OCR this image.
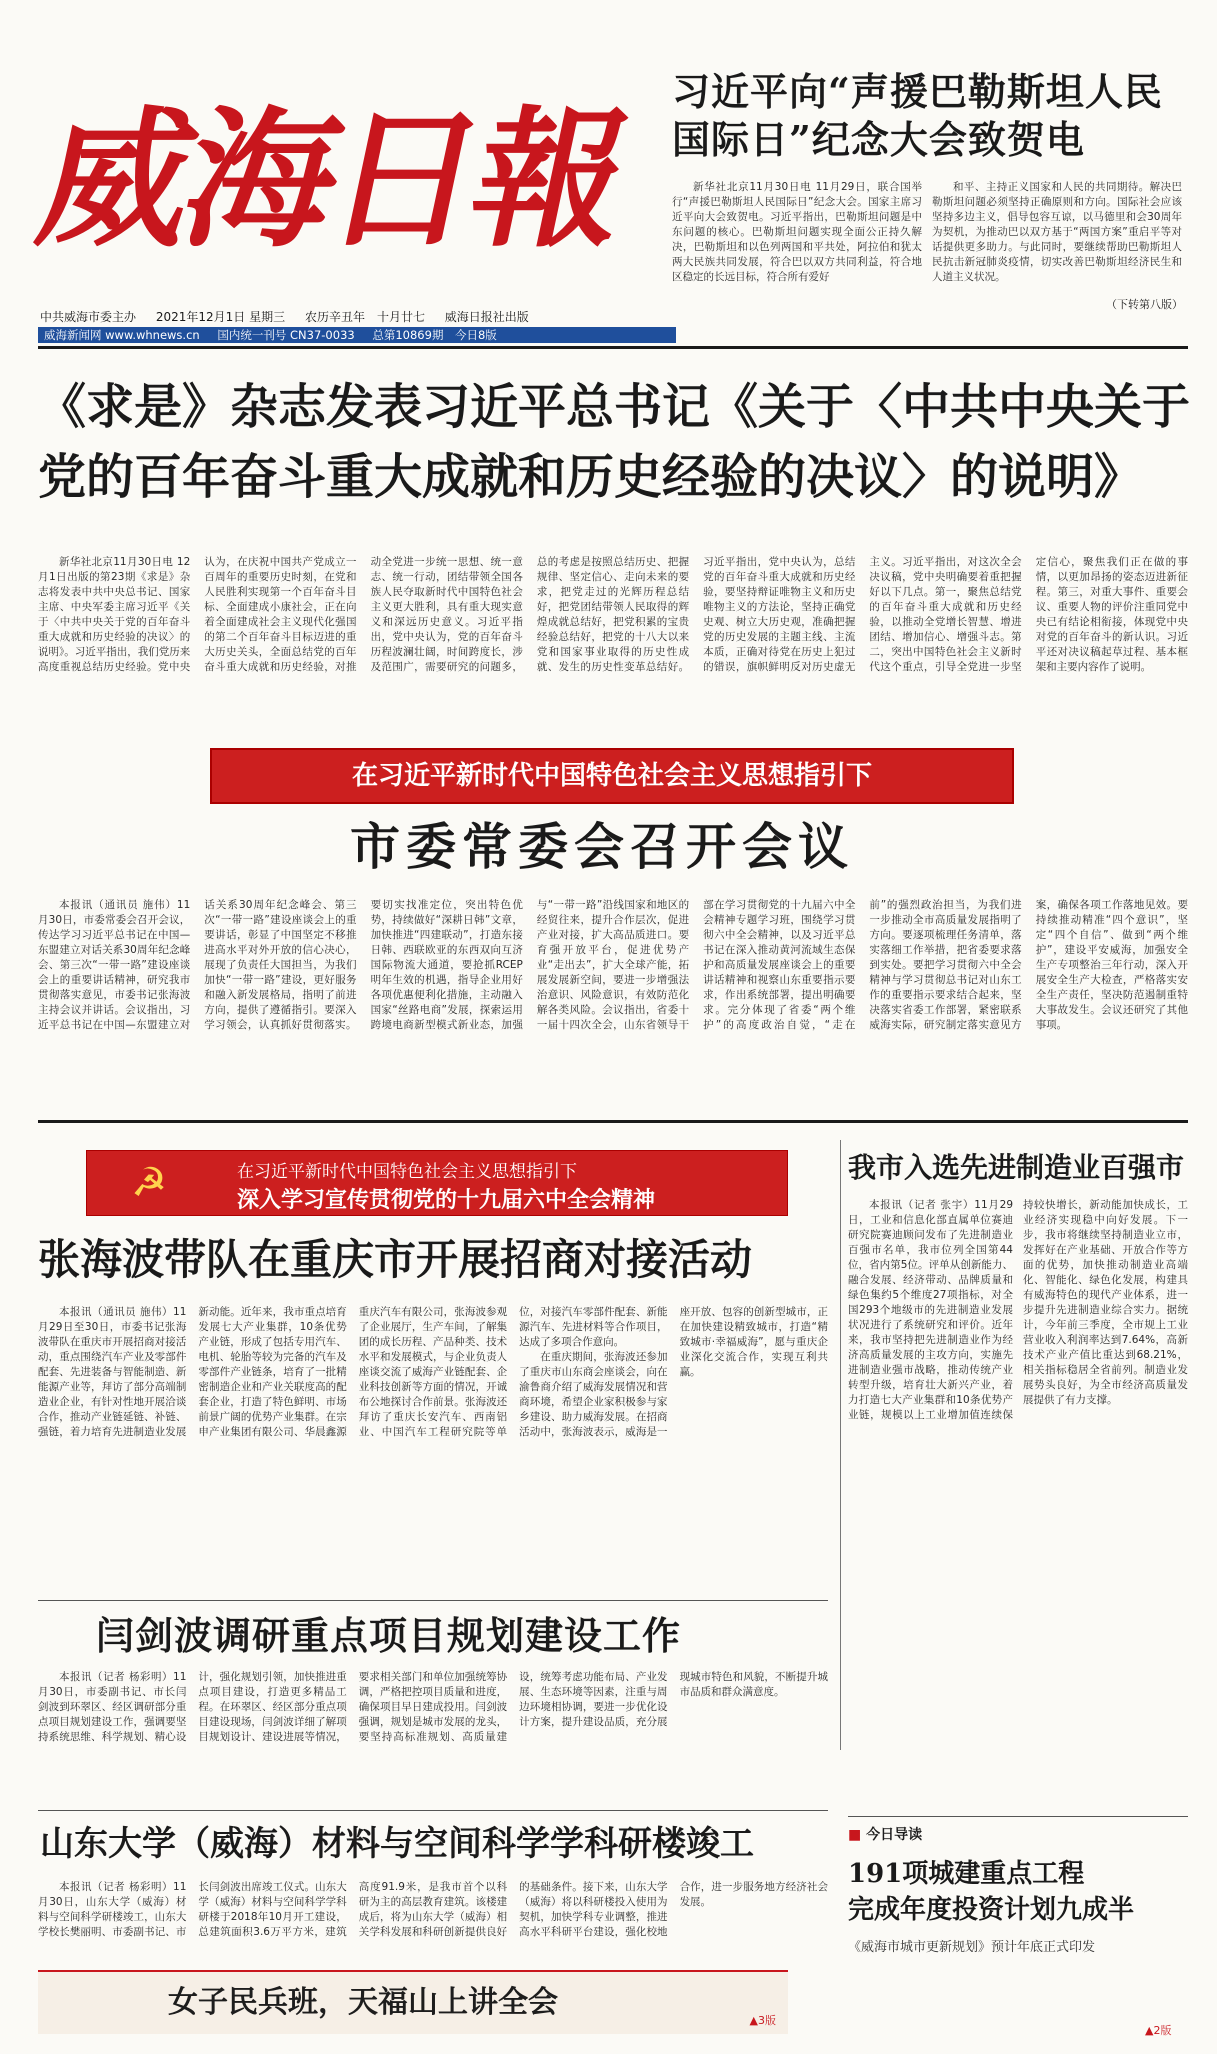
威海日報
中共威海市委主办 2021年12月1日 星期三 农历辛丑年　十月廿七 威海日报社出版
威海新闻网 www.whnews.cn 国内统一刊号 CN37-0033 总第10869期　今日8版
习近平向“声援巴勒斯坦人民
国际日”纪念大会致贺电

新华社北京11月30日电 11月29日，联合国举行“声援巴勒斯坦人民国际日”纪念大会。国家主席习近平向大会致贺电。习近平指出，巴勒斯坦问题是中东问题的核心。巴勒斯坦问题实现全面公正持久解决，巴勒斯坦和以色列两国和平共处，阿拉伯和犹太两大民族共同发展，符合巴以双方共同利益，符合地区稳定的长远目标，符合所有爱好

和平、主持正义国家和人民的共同期待。解决巴勒斯坦问题必须坚持正确原则和方向。国际社会应该坚持多边主义，倡导包容互谅，以马德里和会30周年为契机，为推动巴以双方基于“两国方案”重启平等对话提供更多助力。与此同时，要继续帮助巴勒斯坦人民抗击新冠肺炎疫情，切实改善巴勒斯坦经济民生和人道主义状况。

（下转第八版）
《求是》杂志发表习近平总书记《关于〈中共中央关于
党的百年奋斗重大成就和历史经验的决议〉的说明》

新华社北京11月30日电 12月1日出版的第23期《求是》杂志将发表中共中央总书记、国家主席、中央军委主席习近平《关于〈中共中央关于党的百年奋斗重大成就和历史经验的决议〉的说明》。习近平指出，我们党历来高度重视总结历史经验。党中央认为，在庆祝中国共产党成立一百周年的重要历史时刻，在党和人民胜利实现第一个百年奋斗目标、全面建成小康社会，正在向着全面建成社会主义现代化强国的第二个百年奋斗目标迈进的重大历史关头，全面总结党的百年奋斗重大成就和历史经验，对推动全党进一步统一思想、统一意志、统一行动，团结带领全国各族人民夺取新时代中国特色社会主义更大胜利，具有重大现实意义和深远历史意义。习近平指出，党中央认为，党的百年奋斗历程波澜壮阔，时间跨度长，涉及范围广，需要研究的问题多，总的考虑是按照总结历史、把握规律、坚定信心、走向未来的要求，把党走过的光辉历程总结好，把党团结带领人民取得的辉煌成就总结好，把党积累的宝贵经验总结好，把党的十八大以来党和国家事业取得的历史性成就、发生的历史性变革总结好。习近平指出，党中央认为，总结党的百年奋斗重大成就和历史经验，要坚持辩证唯物主义和历史唯物主义的方法论，坚持正确党史观、树立大历史观，准确把握党的历史发展的主题主线、主流本质，正确对待党在历史上犯过的错误，旗帜鲜明反对历史虚无主义。习近平指出，对这次全会决议稿，党中央明确要着重把握好以下几点。第一，聚焦总结党的百年奋斗重大成就和历史经验，以推动全党增长智慧、增进团结、增加信心、增强斗志。第二，突出中国特色社会主义新时代这个重点，引导全党进一步坚定信心，聚焦我们正在做的事情，以更加昂扬的姿态迈进新征程。第三，对重大事件、重要会议、重要人物的评价注重同党中央已有结论相衔接，体现党中央对党的百年奋斗的新认识。习近平还对决议稿起草过程、基本框架和主要内容作了说明。

在习近平新时代中国特色社会主义思想指引下
市委常委会召开会议

本报讯（通讯员 施伟）11月30日，市委常委会召开会议，传达学习习近平总书记在中国—东盟建立对话关系30周年纪念峰会、第三次“一带一路”建设座谈会上的重要讲话精神，研究我市贯彻落实意见，市委书记张海波主持会议并讲话。会议指出，习近平总书记在中国—东盟建立对话关系30周年纪念峰会、第三次“一带一路”建设座谈会上的重要讲话，彰显了中国坚定不移推进高水平对外开放的信心决心，展现了负责任大国担当，为我们加快“一带一路”建设，更好服务和融入新发展格局，指明了前进方向，提供了遵循指引。要深入学习领会，认真抓好贯彻落实。要切实找准定位，突出特色优势，持续做好“深耕日韩”文章，加快推进“四建联动”，打造东接日韩、西联欧亚的东西双向互济国际物流大通道，要抢抓RCEP明年生效的机遇，指导企业用好各项优惠便利化措施，主动融入国家“丝路电商”发展，探索运用跨境电商新型模式新业态，加强与“一带一路”沿线国家和地区的经贸往来，提升合作层次，促进产业对接，扩大高品质进口。要育强开放平台，促进优势产业“走出去”，扩大全球产能，拓展发展新空间，要进一步增强法治意识、风险意识，有效防范化解各类风险。会议指出，省委十一届十四次全会，山东省领导干部在学习贯彻党的十九届六中全会精神专题学习班，围绕学习贯彻六中全会精神，以及习近平总书记在深入推动黄河流域生态保护和高质量发展座谈会上的重要讲话精神和视察山东重要指示要求，作出系统部署，提出明确要求。完分体现了省委“两个维护”的高度政治自觉，“走在前”的强烈政治担当，为我们进一步推动全市高质量发展指明了方向。要逐项梳理任务清单，落实落细工作举措，把省委要求落到实处。要把学习贯彻六中全会精神与学习贯彻总书记对山东工作的重要指示要求结合起来，坚决落实省委工作部署，紧密联系威海实际，研究制定落实意见方案，确保各项工作落地见效。要持续推动精准“四个意识”，坚定“四个自信”、做到“两个维护”，建设平安威海，加强安全生产专项整治三年行动，深入开展安全生产大检查，严格落实安全生产责任，坚决防范遏制重特大事故发生。会议还研究了其他事项。

☭	在习近平新时代中国特色社会主义思想指引下
深入学习宣传贯彻党的十九届六中全会精神
张海波带队在重庆市开展招商对接活动

本报讯（通讯员 施伟）11月29日至30日，市委书记张海波带队在重庆市开展招商对接活动，重点围绕汽车产业及零部件配套、先进装备与智能制造、新能源产业等，拜访了部分高端制造业企业，有针对性地开展洽谈合作，推动产业链延链、补链、强链，着力培育先进制造业发展新动能。近年来，我市重点培育发展七大产业集群，10条优势产业链，形成了包括专用汽车、电机、轮胎等较为完备的汽车及零部件产业链条，培育了一批精密制造企业和产业关联度高的配套企业，打造了特色鲜明、市场前景广阔的优势产业集群。在宗申产业集团有限公司、华晨鑫源重庆汽车有限公司，张海波参观了企业展厅，生产车间，了解集团的成长历程、产品种类、技术水平和发展模式，与企业负责人座谈交流了威海产业链配套、企业科技创新等方面的情况，开诚布公地探讨合作前景。张海波还拜访了重庆长安汽车、西南铝业、中国汽车工程研究院等单位，对接汽车零部件配套、新能源汽车、先进材料等合作项目，达成了多项合作意向。

在重庆期间，张海波还参加了重庆市山东商会座谈会，向在渝鲁商介绍了威海发展情况和营商环境，希望企业家积极参与家乡建设、助力威海发展。在招商活动中，张海波表示，威海是一座开放、包容的创新型城市，正在加快建设精致城市，打造“精致城市·幸福威海”，愿与重庆企业深化交流合作，实现互利共赢。

我市入选先进制造业百强市

本报讯（记者 张宇）11月29日，工业和信息化部直属单位赛迪研究院赛迪顾问发布了先进制造业百强市名单，我市位列全国第44位，省内第5位。评单从创新能力、融合发展、经济带动、品牌质量和绿色集约5个维度27项指标，对全国293个地级市的先进制造业发展状况进行了系统研究和评价。近年来，我市坚持把先进制造业作为经济高质量发展的主攻方向，实施先进制造业强市战略，推动传统产业转型升级，培育壮大新兴产业，着力打造七大产业集群和10条优势产业链，规模以上工业增加值连续保持较快增长，新动能加快成长，工业经济实现稳中向好发展。下一步，我市将继续坚持制造业立市，发挥好在产业基础、开放合作等方面的优势，加快推动制造业高端化、智能化、绿色化发展，构建具有威海特色的现代产业体系，进一步提升先进制造业综合实力。据统计，今年前三季度，全市规上工业营业收入利润率达到7.64%，高新技术产业产值比重达到68.21%，相关指标稳居全省前列。制造业发展势头良好，为全市经济高质量发展提供了有力支撑。

闫剑波调研重点项目规划建设工作

本报讯（记者 杨彩明）11月30日，市委副书记、市长闫剑波到环翠区、经区调研部分重点项目规划建设工作，强调要坚持系统思维、科学规划、精心设计，强化规划引领，加快推进重点项目建设，打造更多精品工程。在环翠区、经区部分重点项目建设现场，闫剑波详细了解项目规划设计、建设进展等情况，要求相关部门和单位加强统筹协调，严格把控项目质量和进度，确保项目早日建成投用。闫剑波强调，规划是城市发展的龙头，要坚持高标准规划、高质量建设，统筹考虑功能布局、产业发展、生态环境等因素，注重与周边环境相协调，要进一步优化设计方案，提升建设品质，充分展现城市特色和风貌，不断提升城市品质和群众满意度。

山东大学（威海）材料与空间科学学科研楼竣工

本报讯（记者 杨彩明）11月30日，山东大学（威海）材料与空间科学研楼竣工，山东大学校长樊丽明、市委副书记、市长闫剑波出席竣工仪式。山东大学（威海）材料与空间科学学科研楼于2018年10月开工建设，总建筑面积3.6万平方米，建筑高度91.9米，是我市首个以科研为主的高层教育建筑。该楼建成后，将为山东大学（威海）相关学科发展和科研创新提供良好的基础条件。接下来，山东大学（威海）将以科研楼投入使用为契机，加快学科专业调整，推进高水平科研平台建设，强化校地合作，进一步服务地方经济社会发展。

■ 今日导读
191项城建重点工程
完成年度投资计划九成半
《威海市城市更新规划》预计年底正式印发
▲2版
女子民兵班，天福山上讲全会
▲3版
